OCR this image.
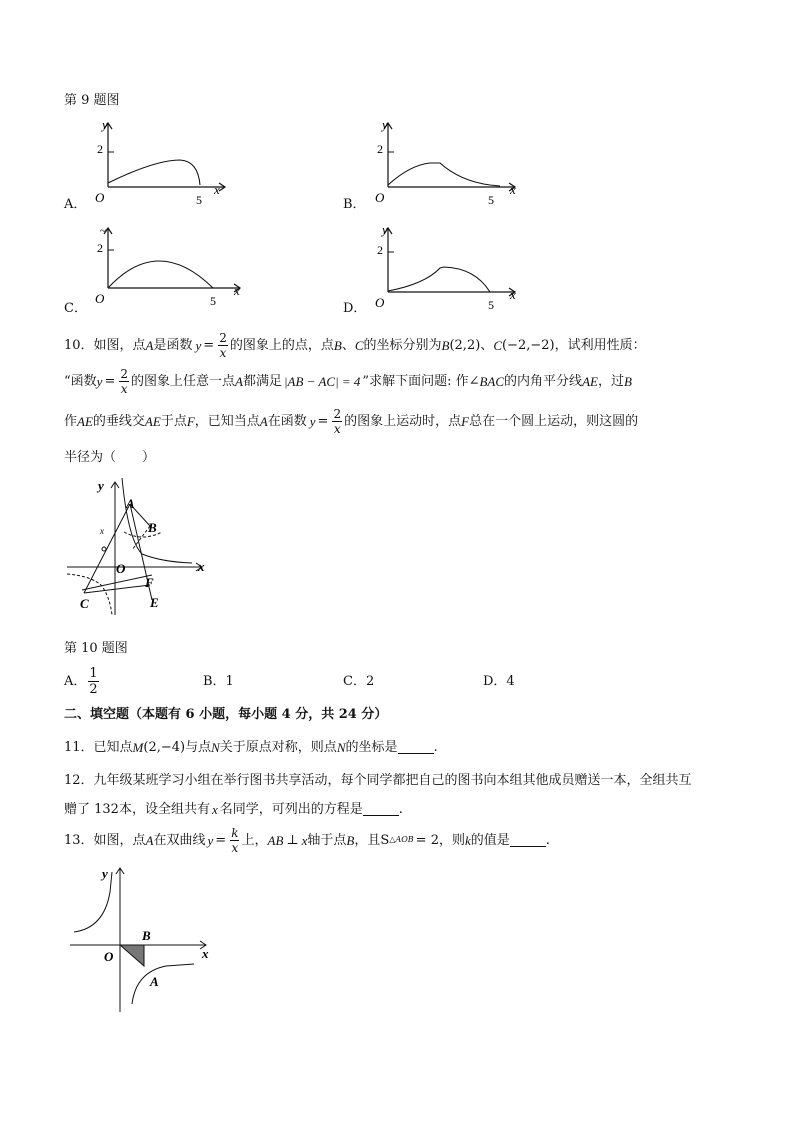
第 9 题图
A．
2
y
O	5
x
B．
2
y
O	5
x
C．
2
~
O	5
x
D．
2
y
O	5
x
10．如图，点 A 是函数 $y = \frac{2}{x}$ 的图象上的点，点 B 、 C 的坐标分别为 B (2,2) 、 C (−2,−2) ，试利用性质：
“函数 $y = \frac{2}{x}$ 的图象上任意一点 A 都满足 |AB − AC| = 4 ”求解下面问题: 作∠ BAC 的内角平分线 AE ，过 B
作 AE 的垂线交 AE 于点 F ，已知当点 A 在函数 $y = \frac{2}{x}$ 的图象上运动时，点 F 总在一个圆上运动，则这圆的
半径为（　　）
y
x
A
B
O
C
F
E
x
第 10 题图
A． $\frac{1}{2}$	B．1	C．2	D．4
二、填空题（本题有 6 小题，每小题 4 分，共 24 分）
11．已知点 M (2,−4) 与点 N 关于原点对称，则点 N 的坐标是	.
12．九年级某班学习小组在举行图书共享活动，每个同学都把自己的图书向本组其他成员赠送一本，全组共互
赠了 132本，设全组共有 x 名同学，可列出的方程是	.
13．如图，点 A 在双曲线 $y = \frac{k}{x}$ 上， AB ⊥ x 轴于点 B ，且 S △AOB = 2，则 k 的值是	.
y
x
O
B
A
